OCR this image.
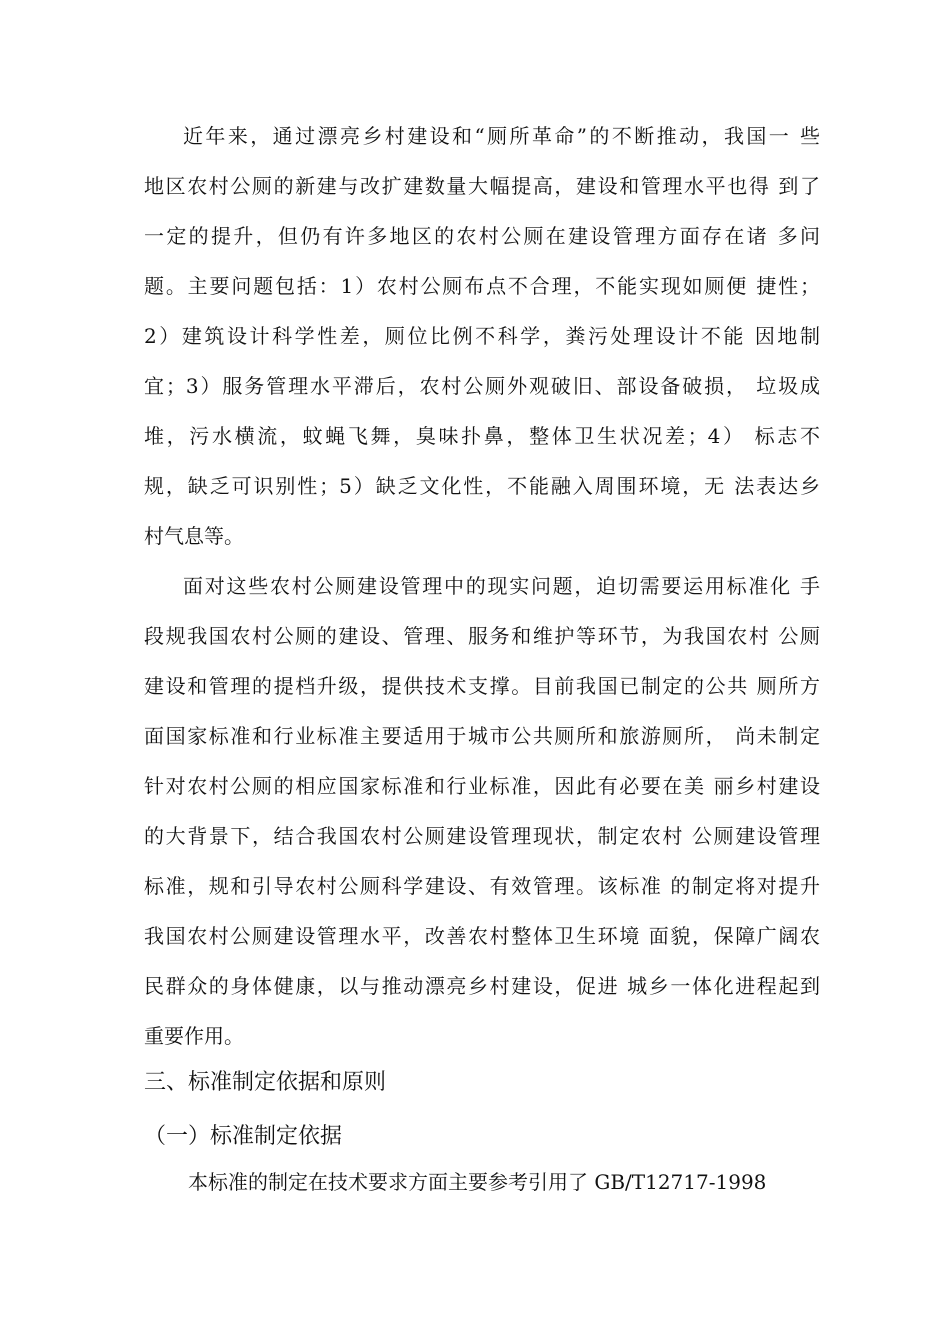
近年来，通过漂亮乡村建设和“厕所革命”的不断推动，我国一 些
地区农村公厕的新建与改扩建数量大幅提高，建设和管理水平也得 到了
一定的提升，但仍有许多地区的农村公厕在建设管理方面存在诸 多问
题。主要问题包括：1）农村公厕布点不合理，不能实现如厕便 捷性；
2）建筑设计科学性差，厕位比例不科学，粪污处理设计不能 因地制
宜；3）服务管理水平滞后，农村公厕外观破旧、部设备破损， 垃圾成
堆，污水横流，蚊蝇飞舞，臭味扑鼻，整体卫生状况差；4） 标志不
规，缺乏可识别性；5）缺乏文化性，不能融入周围环境，无 法表达乡
村气息等。
面对这些农村公厕建设管理中的现实问题，迫切需要运用标准化 手
段规我国农村公厕的建设、管理、服务和维护等环节，为我国农村 公厕
建设和管理的提档升级，提供技术支撑。目前我国已制定的公共 厕所方
面国家标准和行业标准主要适用于城市公共厕所和旅游厕所， 尚未制定
针对农村公厕的相应国家标准和行业标准，因此有必要在美 丽乡村建设
的大背景下，结合我国农村公厕建设管理现状，制定农村 公厕建设管理
标准，规和引导农村公厕科学建设、有效管理。该标准 的制定将对提升
我国农村公厕建设管理水平，改善农村整体卫生环境 面貌，保障广阔农
民群众的身体健康，以与推动漂亮乡村建设，促进 城乡一体化进程起到
重要作用。
三、标准制定依据和原则
（一）标准制定依据
本标准的制定在技术要求方面主要参考引用了 GB/T12717-1998
